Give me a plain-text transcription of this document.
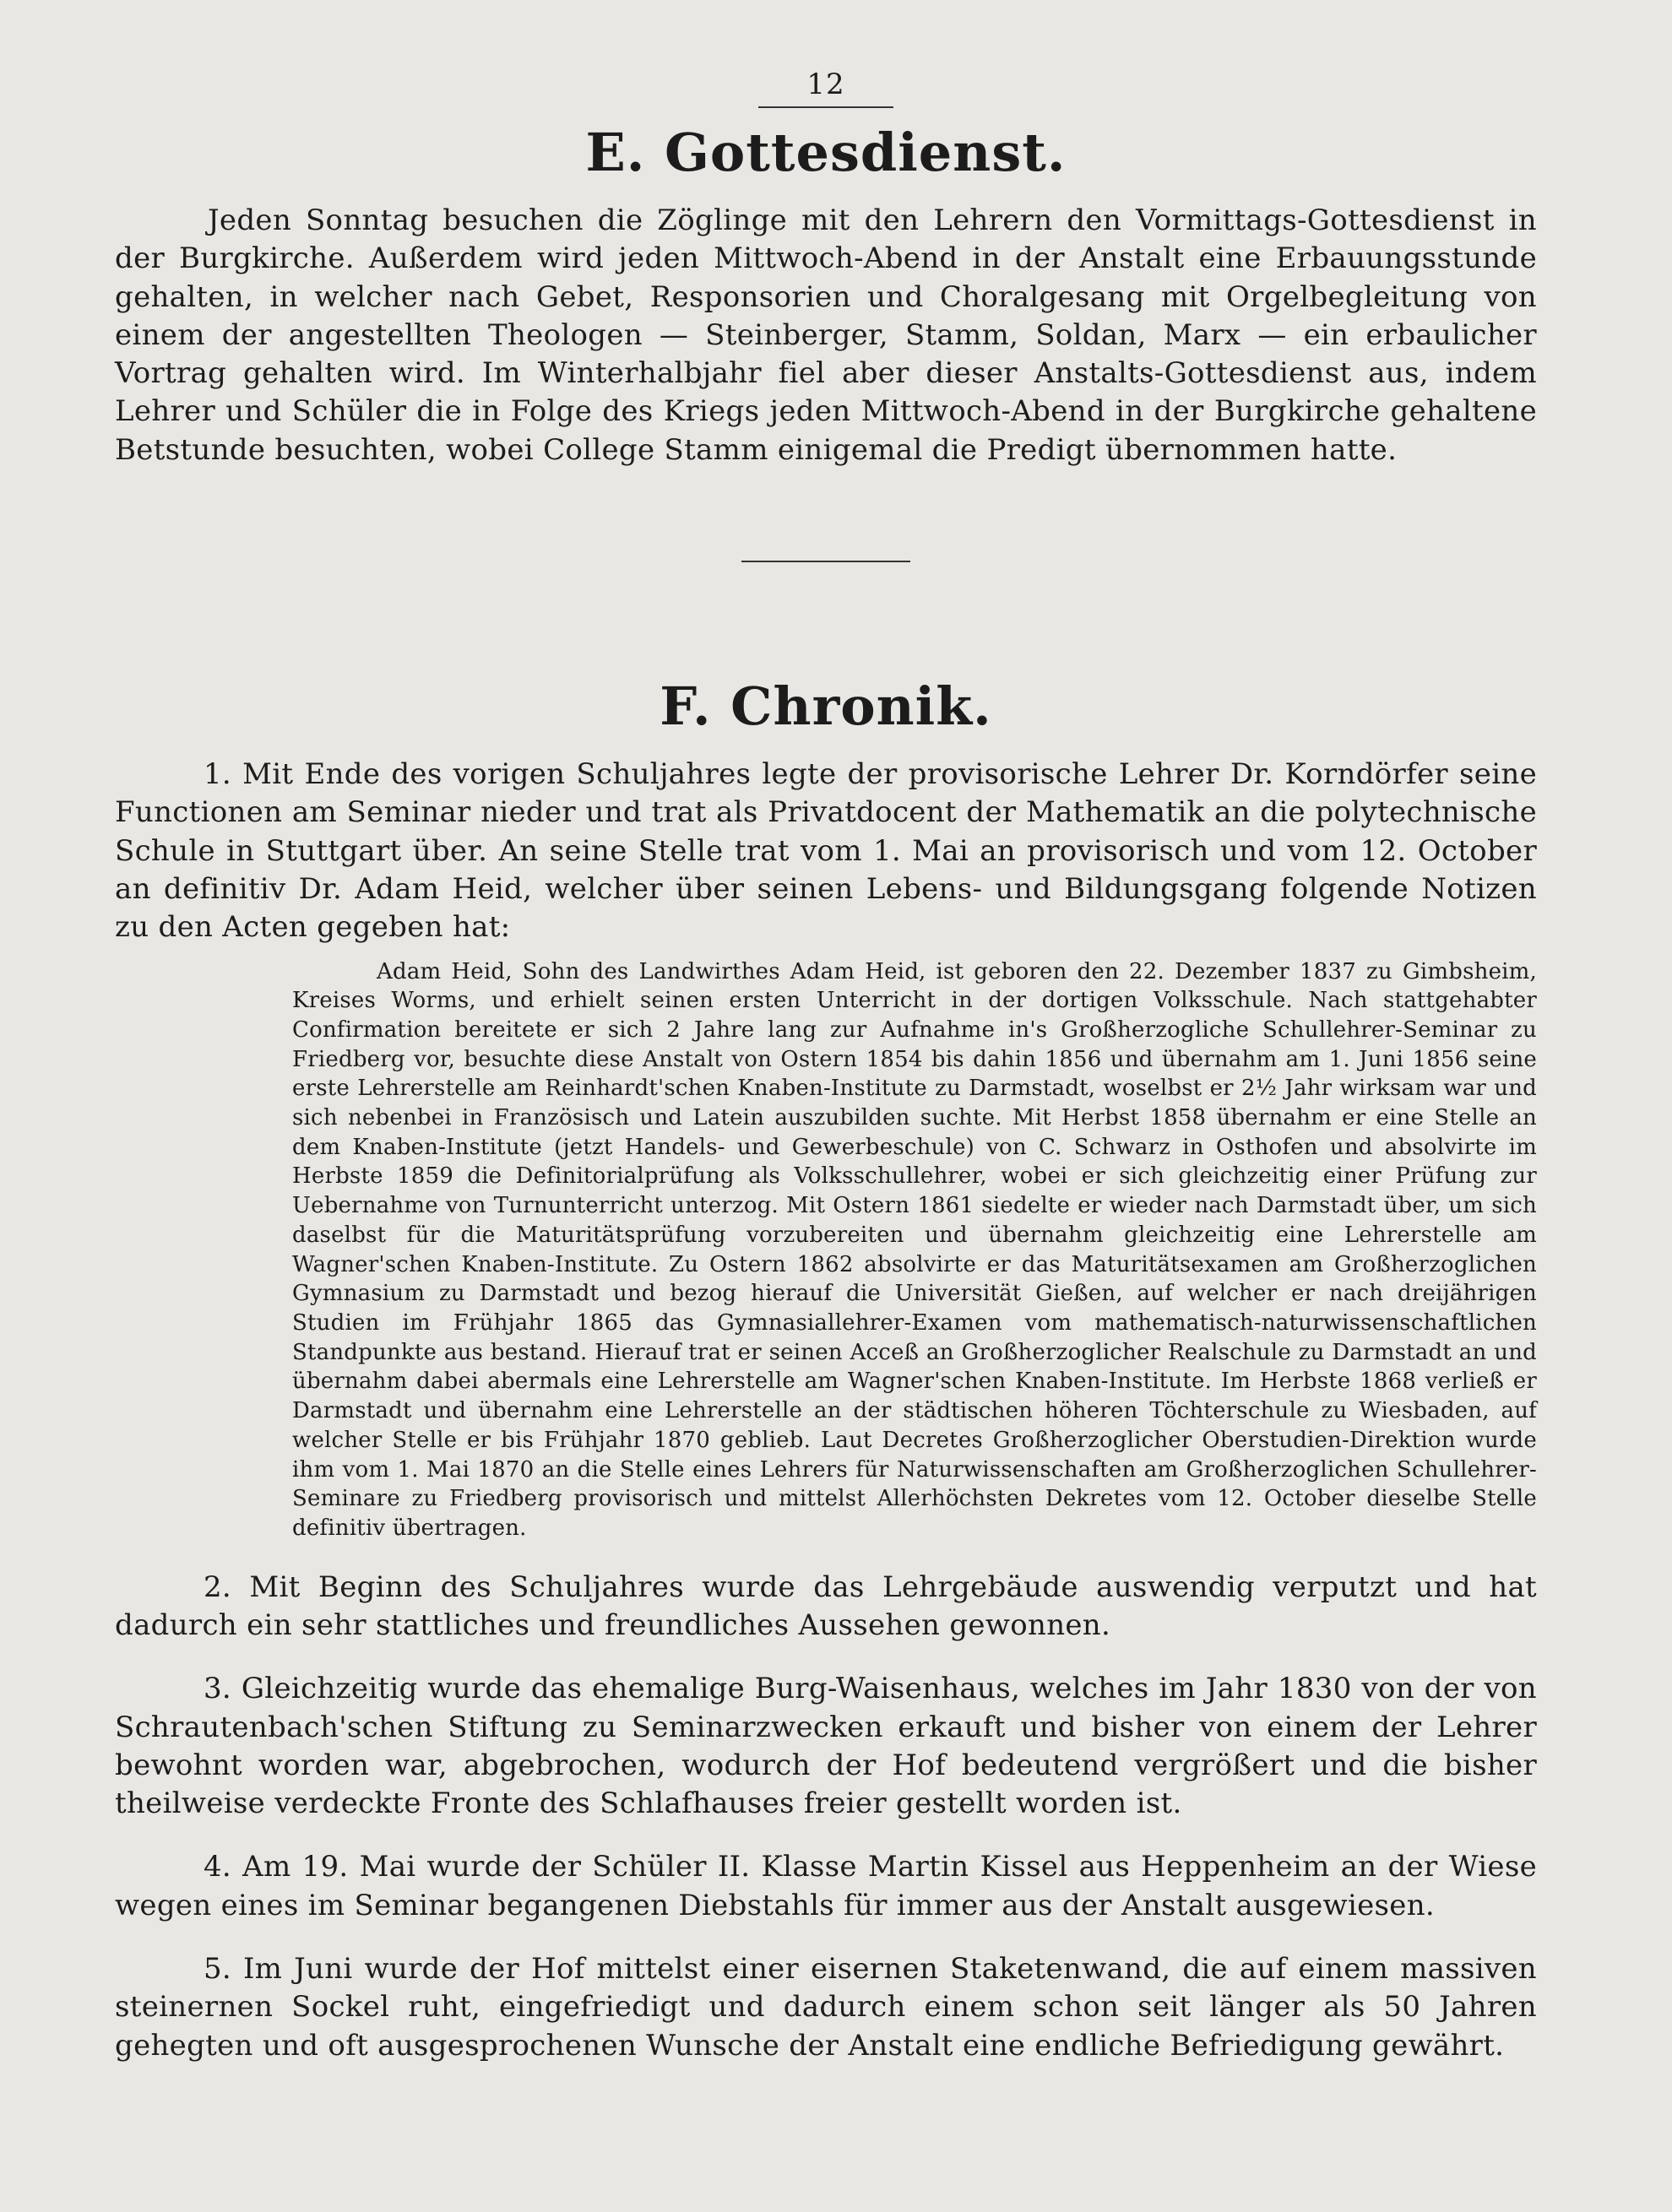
12
E. Gottesdienst.

Jeden Sonntag besuchen die Zöglinge mit den Lehrern den Vormittags-Gottesdienst in der Burgkirche. Außerdem wird jeden Mittwoch-Abend in der Anstalt eine Erbauungsstunde gehalten, in welcher nach Gebet, Responsorien und Choralgesang mit Orgelbegleitung von einem der angestellten Theologen — Steinberger, Stamm, Soldan, Marx — ein erbaulicher Vortrag gehalten wird. Im Winterhalbjahr fiel aber dieser Anstalts-Gottesdienst aus, indem Lehrer und Schüler die in Folge des Kriegs jeden Mittwoch-Abend in der Burgkirche gehaltene Betstunde besuchten, wobei College Stamm einigemal die Predigt übernommen hatte.

F. Chronik.

1. Mit Ende des vorigen Schuljahres legte der provisorische Lehrer Dr. Korndörfer seine Functionen am Seminar nieder und trat als Privatdocent der Mathematik an die polytechnische Schule in Stuttgart über. An seine Stelle trat vom 1. Mai an provisorisch und vom 12. October an definitiv Dr. Adam Heid, welcher über seinen Lebens- und Bildungsgang folgende Notizen zu den Acten gegeben hat:

Adam Heid, Sohn des Landwirthes Adam Heid, ist geboren den 22. Dezember 1837 zu Gimbsheim, Kreises Worms, und erhielt seinen ersten Unterricht in der dortigen Volksschule. Nach stattgehabter Confirmation bereitete er sich 2 Jahre lang zur Aufnahme in's Großherzogliche Schullehrer-Seminar zu Friedberg vor, besuchte diese Anstalt von Ostern 1854 bis dahin 1856 und übernahm am 1. Juni 1856 seine erste Lehrerstelle am Reinhardt'schen Knaben-Institute zu Darmstadt, woselbst er 2½ Jahr wirksam war und sich nebenbei in Französisch und Latein auszubilden suchte. Mit Herbst 1858 übernahm er eine Stelle an dem Knaben-Institute (jetzt Handels- und Gewerbeschule) von C. Schwarz in Osthofen und absolvirte im Herbste 1859 die Definitorialprüfung als Volksschullehrer, wobei er sich gleichzeitig einer Prüfung zur Uebernahme von Turnunterricht unterzog. Mit Ostern 1861 siedelte er wieder nach Darmstadt über, um sich daselbst für die Maturitätsprüfung vorzubereiten und übernahm gleichzeitig eine Lehrerstelle am Wagner'schen Knaben-Institute. Zu Ostern 1862 absolvirte er das Maturitätsexamen am Großherzoglichen Gymnasium zu Darmstadt und bezog hierauf die Universität Gießen, auf welcher er nach dreijährigen Studien im Frühjahr 1865 das Gymnasiallehrer-Examen vom mathematisch-naturwissenschaftlichen Standpunkte aus bestand. Hierauf trat er seinen Acceß an Großherzoglicher Realschule zu Darmstadt an und übernahm dabei abermals eine Lehrerstelle am Wagner'schen Knaben-Institute. Im Herbste 1868 verließ er Darmstadt und übernahm eine Lehrerstelle an der städtischen höheren Töchterschule zu Wiesbaden, auf welcher Stelle er bis Frühjahr 1870 geblieb. Laut Decretes Großherzoglicher Oberstudien-Direktion wurde ihm vom 1. Mai 1870 an die Stelle eines Lehrers für Naturwissenschaften am Großherzoglichen Schullehrer-Seminare zu Friedberg provisorisch und mittelst Allerhöchsten Dekretes vom 12. October dieselbe Stelle definitiv übertragen.

2. Mit Beginn des Schuljahres wurde das Lehrgebäude auswendig verputzt und hat dadurch ein sehr stattliches und freundliches Aussehen gewonnen.

3. Gleichzeitig wurde das ehemalige Burg-Waisenhaus, welches im Jahr 1830 von der von Schrautenbach'schen Stiftung zu Seminarzwecken erkauft und bisher von einem der Lehrer bewohnt worden war, abgebrochen, wodurch der Hof bedeutend vergrößert und die bisher theilweise verdeckte Fronte des Schlafhauses freier gestellt worden ist.

4. Am 19. Mai wurde der Schüler II. Klasse Martin Kissel aus Heppenheim an der Wiese wegen eines im Seminar begangenen Diebstahls für immer aus der Anstalt ausgewiesen.

5. Im Juni wurde der Hof mittelst einer eisernen Staketenwand, die auf einem massiven steinernen Sockel ruht, eingefriedigt und dadurch einem schon seit länger als 50 Jahren gehegten und oft ausgesprochenen Wunsche der Anstalt eine endliche Befriedigung gewährt.
